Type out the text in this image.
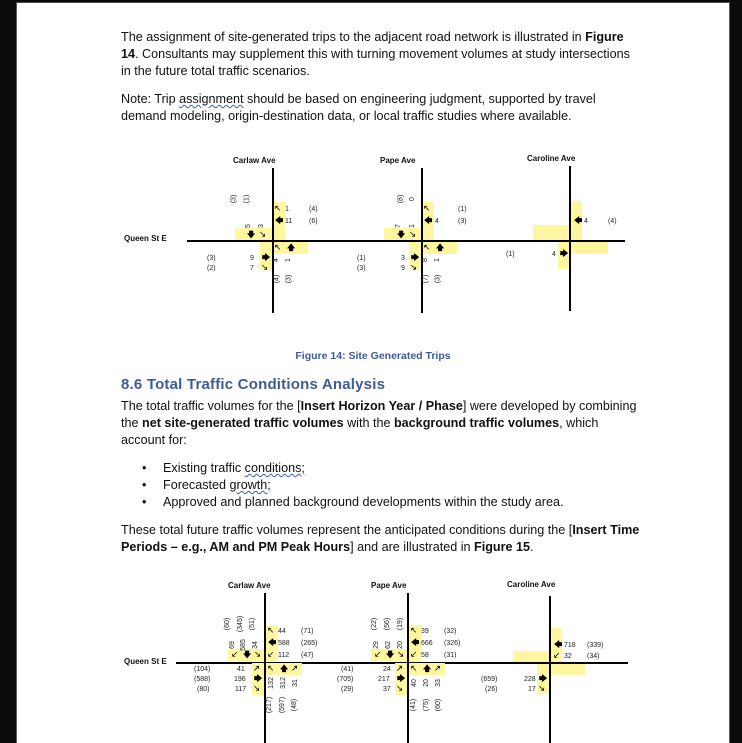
The assignment of site-generated trips to the adjacent road network is illustrated in Figure 14. Consultants may supplement this with turning movement volumes at study intersections in the future total traffic scenarios.
Note: Trip assignment should be based on engineering judgment, supported by travel demand modeling, origin-destination data, or local traffic studies where available.
Queen St E
Carlaw Ave
(3) (1)
5 3
🡇 🡖
🡔
🡄
1
11
(4)
(6)
🡔 🡅
🡆
🡖
9
7
(3)
(2)
4 1
(4) (3)
Pape Ave
(8) 0
7 1
🡇 🡖
🡔
🡄 4
(1)
(3)
🡔 🡅
🡆
🡖
3
9
(1)
(3)
8 1
(7) (3)
Caroline Ave
🡄 4	(4)
🡆
4
(1)
Figure 14: Site Generated Trips
8.6 Total Traffic Conditions Analysis
The total traffic volumes for the [Insert Horizon Year / Phase] were developed by combining the net site-generated traffic volumes with the background traffic volumes, which account for:
• Existing traffic conditions;
• Forecasted growth;
• Approved and planned background developments within the study area.
These total future traffic volumes represent the anticipated conditions during the [Insert Time Periods – e.g., AM and PM Peak Hours] and are illustrated in Figure 15.
Queen St E
Carlaw Ave
(60) (345) (51)
69 585 34
🡗 🡇 🡖
🡔
🡄
🡗
44
588
112
(71)
(265)
(47)
🡕
🡆
🡖
41
196
117
(104)
(588)
(80)
🡔 🡅 🡕
132 312 31
(217) (597) (48)
Pape Ave
(22) (56) (19)
29 62 20
🡗 🡇 🡖
🡔
🡄
🡗
39
666
58
(32)
(326)
(31)
🡕
🡆
🡖
24
217
37
(41)
(705)
(29)
🡔 🡅 🡕
40 20 33
(41) (75) (60)
Caroline Ave
🡄
🡗
718
32
(339)
(34)
🡆
🡖
228
17
(659)
(26)
